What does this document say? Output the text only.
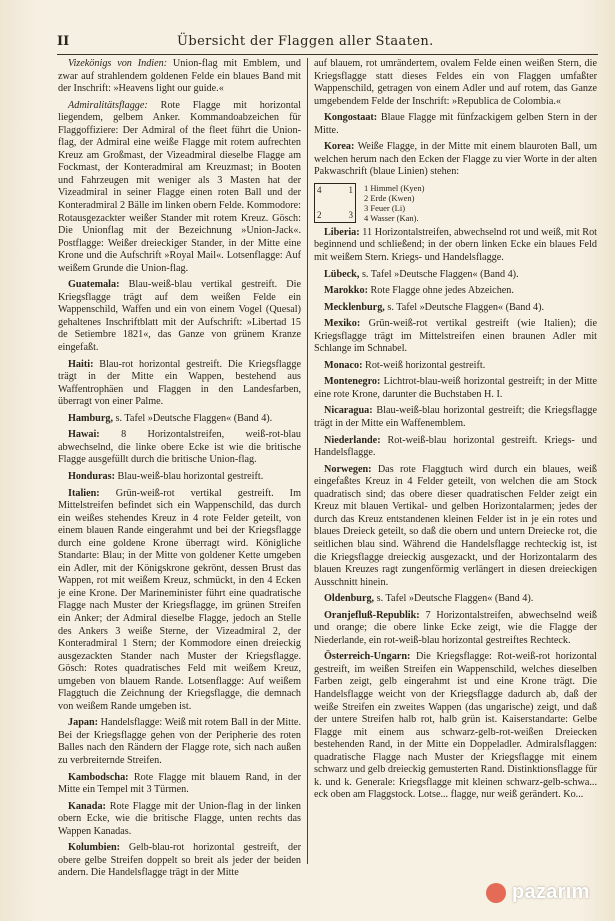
II	Übersicht der Flaggen aller Staaten.

Vizekönigs von Indien: Union-flag mit Emblem, und zwar auf strahlendem goldenen Felde ein blaues Band mit der Inschrift: »Heavens light our guide.«

Admiralitätsflagge: Rote Flagge mit horizontal liegendem, gelbem Anker. Kommandoabzeichen für Flaggoffiziere: Der Admiral of the fleet führt die Union-flag, der Admiral eine weiße Flagge mit rotem aufrechten Kreuz am Großmast, der Vizeadmiral dieselbe Flagge am Fockmast, der Konteradmiral am Kreuzmast; in Booten und Fahrzeugen mit weniger als 3 Masten hat der Vizeadmiral in seiner Flagge einen roten Ball und der Konteradmiral 2 Bälle im linken obern Felde. Kommodore: Rotausgezackter weißer Stander mit rotem Kreuz. Gösch: Die Unionflag mit der Bezeichnung »Union-Jack«. Postflagge: Weißer dreieckiger Stander, in der Mitte eine Krone und die Aufschrift »Royal Mail«. Lotsenflagge: Auf weißem Grunde die Union-flag.

Guatemala: Blau-weiß-blau vertikal gestreift. Die Kriegsflagge trägt auf dem weißen Felde ein Wappenschild, Waffen und ein von einem Vogel (Quesal) gehaltenes Inschriftblatt mit der Aufschrift: »Libertad 15 de Setiembre 1821«, das Ganze von grünem Kranze eingefaßt.

Haiti: Blau-rot horizontal gestreift. Die Kriegsflagge trägt in der Mitte ein Wappen, bestehend aus Waffentrophäen und Flaggen in den Landesfarben, überragt von einer Palme.

Hamburg, s. Tafel »Deutsche Flaggen« (Band 4).

Hawai: 8 Horizontalstreifen, weiß-rot-blau abwechselnd, die linke obere Ecke ist wie die britische Flagge ausgefüllt durch die britische Union-flag.

Honduras: Blau-weiß-blau horizontal gestreift.

Italien: Grün-weiß-rot vertikal gestreift. Im Mittelstreifen befindet sich ein Wappenschild, das durch ein weißes stehendes Kreuz in 4 rote Felder geteilt, von einem blauen Rande eingerahmt und bei der Kriegsflagge durch eine goldene Krone überragt wird. Königliche Standarte: Blau; in der Mitte von goldener Kette umgeben ein Adler, mit der Königskrone gekrönt, dessen Brust das Wappen, rot mit weißem Kreuz, schmückt, in den 4 Ecken je eine Krone. Der Marineminister führt eine quadratische Flagge nach Muster der Kriegsflagge, im grünen Streifen ein Anker; der Admiral dieselbe Flagge, jedoch an Stelle des Ankers 3 weiße Sterne, der Vizeadmiral 2, der Konteradmiral 1 Stern; der Kommodore einen dreieckig ausgezackten Stander nach Muster der Kriegsflagge. Gösch: Rotes quadratisches Feld mit weißem Kreuz, umgeben von blauem Rande. Lotsenflagge: Auf weißem Flaggtuch die Zeichnung der Kriegsflagge, die demnach von weißem Rande umgeben ist.

Japan: Handelsflagge: Weiß mit rotem Ball in der Mitte. Bei der Kriegsflagge gehen von der Peripherie des roten Balles nach den Rändern der Flagge rote, sich nach außen zu verbreiternde Streifen.

Kambodscha: Rote Flagge mit blauem Rand, in der Mitte ein Tempel mit 3 Türmen.

Kanada: Rote Flagge mit der Union-flag in der linken obern Ecke, wie die britische Flagge, unten rechts das Wappen Kanadas.

Kolumbien: Gelb-blau-rot horizontal gestreift, der obere gelbe Streifen doppelt so breit als jeder der beiden andern. Die Handelsflagge trägt in der Mitte

auf blauem, rot umrändertem, ovalem Felde einen weißen Stern, die Kriegsflagge statt dieses Feldes ein von Flaggen umfaßter Wappenschild, getragen von einem Adler und auf rotem, das Ganze umgebendem Felde der Inschrift: »Republica de Colombia.«

Kongostaat: Blaue Flagge mit fünfzackigem gelben Stern in der Mitte.

Korea: Weiße Flagge, in der Mitte mit einem blauroten Ball, um welchen herum nach den Ecken der Flagge zu vier Worte in der alten Pakwaschrift (blaue Linien) stehen:

4	1
2	3
1 Himmel (Kyen)
2 Erde (Kwen)
3 Feuer (Li)
4 Wasser (Kan).

Liberia: 11 Horizontalstreifen, abwechselnd rot und weiß, mit Rot beginnend und schließend; in der obern linken Ecke ein blaues Feld mit weißem Stern. Kriegs- und Handelsflagge.

Lübeck, s. Tafel »Deutsche Flaggen« (Band 4).

Marokko: Rote Flagge ohne jedes Abzeichen.

Mecklenburg, s. Tafel »Deutsche Flaggen« (Band 4).

Mexiko: Grün-weiß-rot vertikal gestreift (wie Italien); die Kriegsflagge trägt im Mittelstreifen einen braunen Adler mit Schlange im Schnabel.

Monaco: Rot-weiß horizontal gestreift.

Montenegro: Lichtrot-blau-weiß horizontal gestreift; in der Mitte eine rote Krone, darunter die Buchstaben H. I.

Nicaragua: Blau-weiß-blau horizontal gestreift; die Kriegsflagge trägt in der Mitte ein Waffenemblem.

Niederlande: Rot-weiß-blau horizontal gestreift. Kriegs- und Handelsflagge.

Norwegen: Das rote Flaggtuch wird durch ein blaues, weiß eingefaßtes Kreuz in 4 Felder geteilt, von welchen die am Stock quadratisch sind; das obere dieser quadratischen Felder zeigt ein Kreuz mit blauen Vertikal- und gelben Horizontalarmen; jedes der durch das Kreuz entstandenen kleinen Felder ist in je ein rotes und blaues Dreieck geteilt, so daß die obern und untern Dreiecke rot, die seitlichen blau sind. Während die Handelsflagge rechteckig ist, ist die Kriegsflagge dreieckig ausgezackt, und der Horizontalarm des blauen Kreuzes ragt zungenförmig verlängert in diesen dreieckigen Ausschnitt hinein.

Oldenburg, s. Tafel »Deutsche Flaggen« (Band 4).

Oranjefluß-Republik: 7 Horizontalstreifen, abwechselnd weiß und orange; die obere linke Ecke zeigt, wie die Flagge der Niederlande, ein rot-weiß-blau horizontal gestreiftes Rechteck.

Österreich-Ungarn: Die Kriegsflagge: Rot-weiß-rot horizontal gestreift, im weißen Streifen ein Wappenschild, welches dieselben Farben zeigt, gelb eingerahmt ist und eine Krone trägt. Die Handelsflagge weicht von der Kriegsflagge dadurch ab, daß der weiße Streifen ein zweites Wappen (das ungarische) zeigt, und daß der untere Streifen halb rot, halb grün ist. Kaiserstandarte: Gelbe Flagge mit einem aus schwarz-gelb-rot-weißen Dreiecken bestehenden Rand, in der Mitte ein Doppeladler. Admiralsflaggen: quadratische Flagge nach Muster der Kriegsflagge mit einem schwarz und gelb dreieckig gemusterten Rand. Distinktionsflagge für k. und k. Generale: Kriegsflagge mit kleinen schwarz-gelb-schwa... eck oben am Flaggstock. Lotse... flagge, nur weiß gerändert. Ko...

pazarım
